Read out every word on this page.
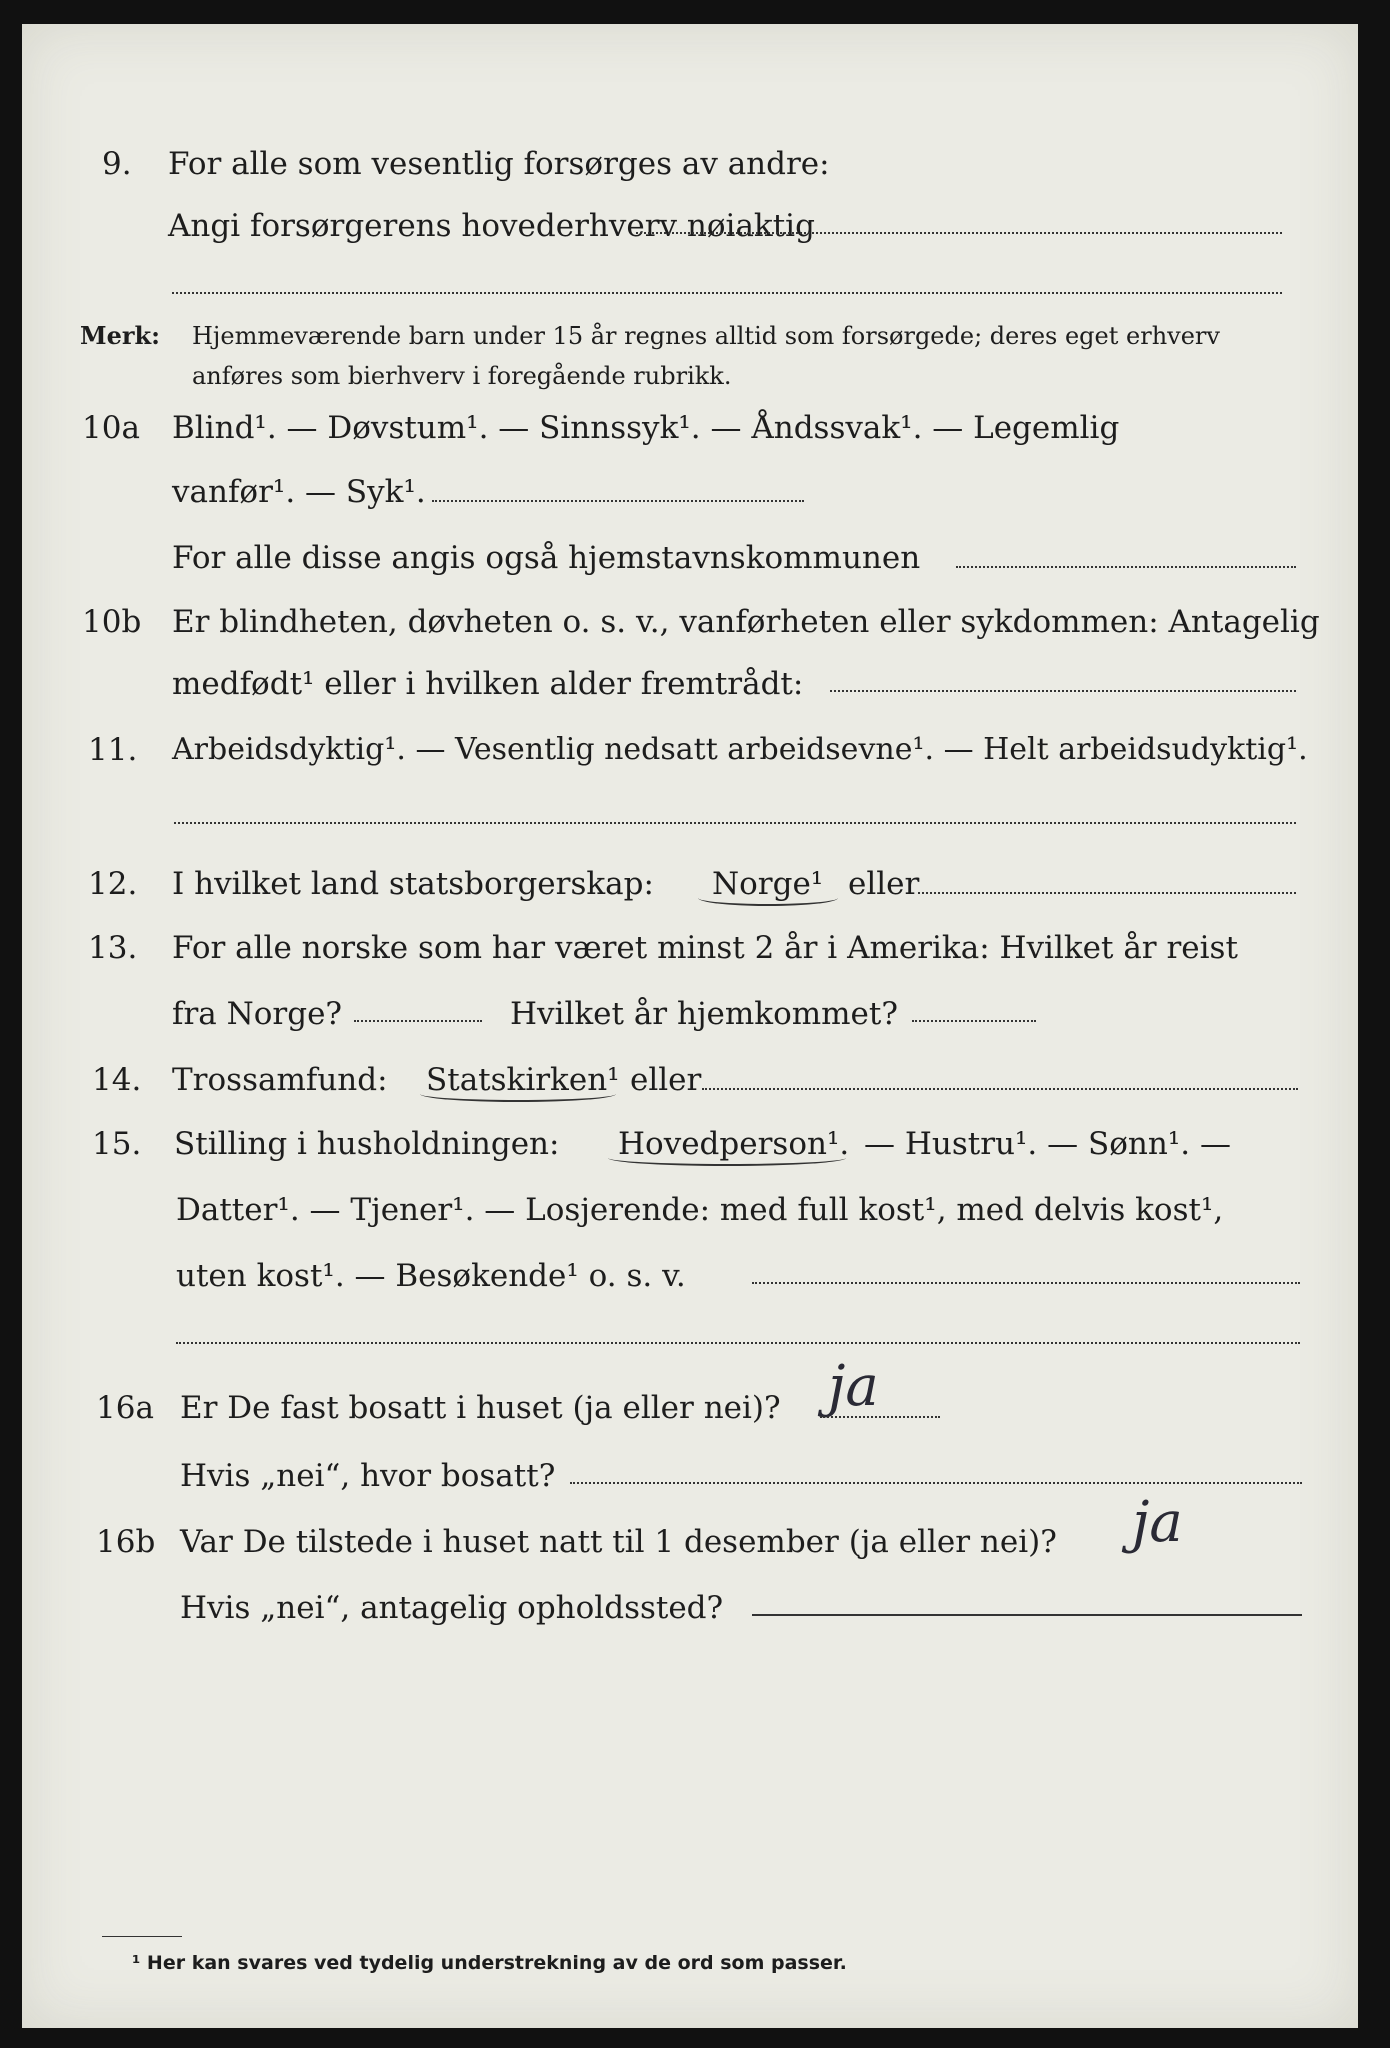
9. For alle som vesentlig forsørges av andre:
Angi forsørgerens hovederhverv nøiaktig
Merk: Hjemmeværende barn under 15 år regnes alltid som forsørgede; deres eget erhverv
anføres som bierhverv i foregående rubrikk.
10a Blind¹. — Døvstum¹. — Sinnssyk¹. — Åndssvak¹. — Legemlig
vanfør¹. — Syk¹.
For alle disse angis også hjemstavnskommunen
10b Er blindheten, døvheten o. s. v., vanførheten eller sykdommen: Antagelig
medfødt¹ eller i hvilken alder fremtrådt:
11. Arbeidsdyktig¹. — Vesentlig nedsatt arbeidsevne¹. — Helt arbeidsudyktig¹.
12. I hvilket land statsborgerskap: Norge¹ eller
13. For alle norske som har været minst 2 år i Amerika: Hvilket år reist
fra Norge?	Hvilket år hjemkommet?
14. Trossamfund: Statskirken¹ eller
15. Stilling i husholdningen: Hovedperson¹. — Hustru¹. — Sønn¹. —
Datter¹. — Tjener¹. — Losjerende: med full kost¹, med delvis kost¹,
uten kost¹. — Besøkende¹ o. s. v.
16a Er De fast bosatt i huset (ja eller nei)? ja
Hvis „nei“, hvor bosatt?
16b Var De tilstede i huset natt til 1 desember (ja eller nei)? ja
Hvis „nei“, antagelig opholdssted?
¹ Her kan svares ved tydelig understrekning av de ord som passer.
